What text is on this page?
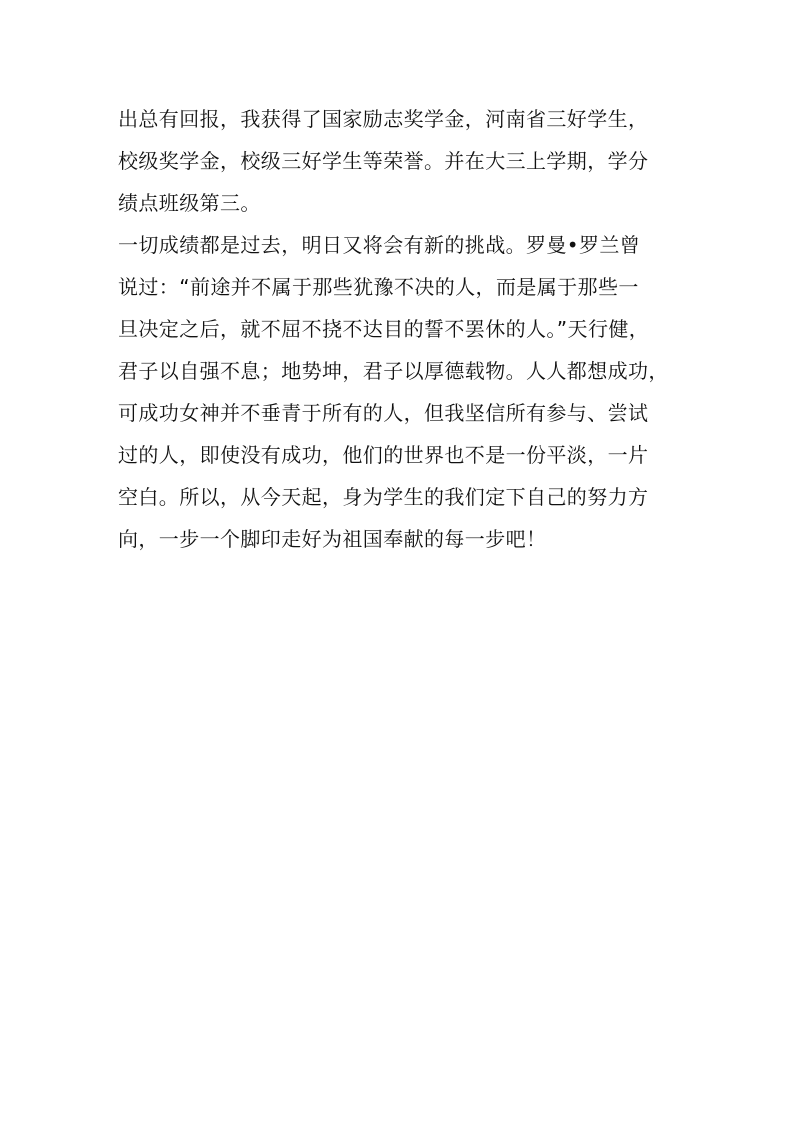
出总有回报，我获得了国家励志奖学金，河南省三好学生，
校级奖学金，校级三好学生等荣誉。并在大三上学期，学分
绩点班级第三。
一切成绩都是过去，明日又将会有新的挑战。罗曼•罗兰曾
说过：“前途并不属于那些犹豫不决的人，而是属于那些一
旦决定之后，就不屈不挠不达目的誓不罢休的人。”天行健，
君子以自强不息；地势坤，君子以厚德载物。人人都想成功，
可成功女神并不垂青于所有的人，但我坚信所有参与、尝试
过的人，即使没有成功，他们的世界也不是一份平淡，一片
空白。所以，从今天起，身为学生的我们定下自己的努力方
向，一步一个脚印走好为祖国奉献的每一步吧！
